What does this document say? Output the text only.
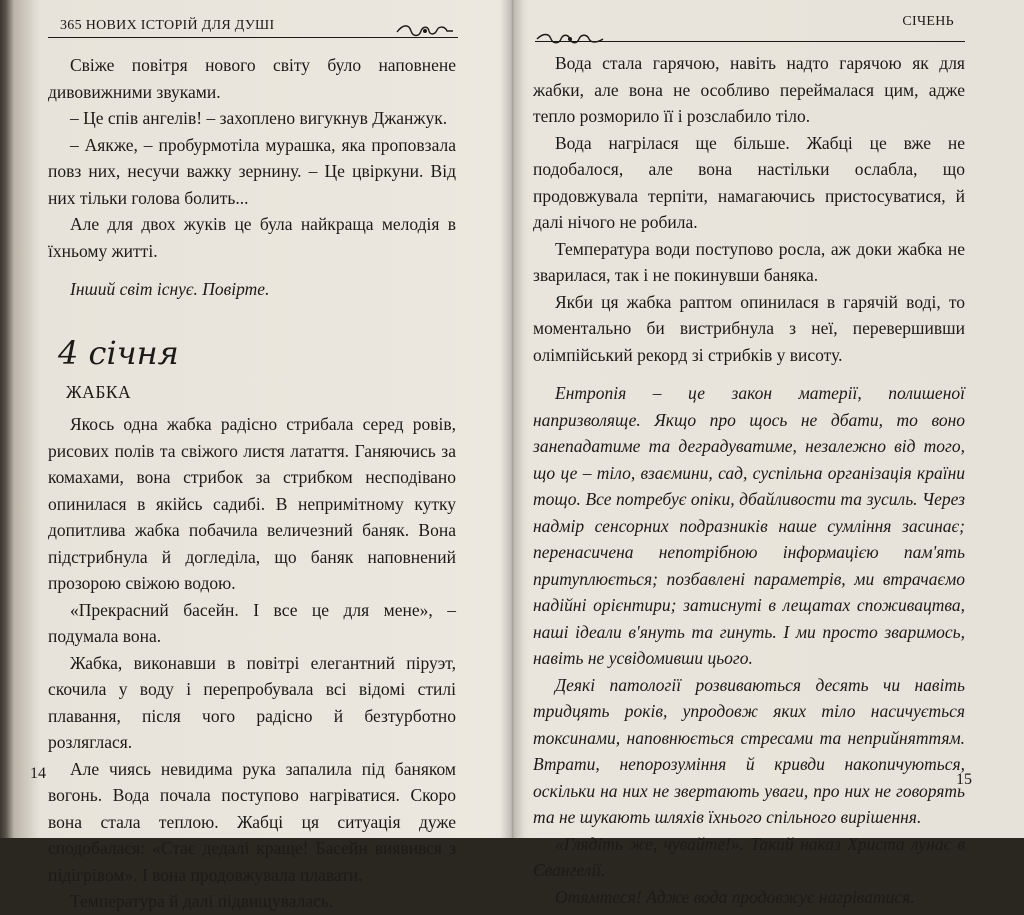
365 НОВИХ ІСТОРІЙ ДЛЯ ДУШІ

Свіже повітря нового світу було наповнене дивовижними звуками.

– Це спів ангелів! – захоплено вигукнув Джанжук.

– Аякже, – пробурмотіла мурашка, яка проповзала повз них, несучи важку зернину. – Це цвіркуни. Від них тільки голова болить...

Але для двох жуків це була найкраща мелодія в їхньому житті.

Інший світ існує. Повірте.

4 січня
ЖАБКА

Якось одна жабка радісно стрибала серед ровів, рисових полів та свіжого листя латаття. Ганяючись за комахами, вона стрибок за стрибком несподівано опинилася в якійсь садибі. В непримітному кутку допитлива жабка побачила величезний баняк. Вона підстрибнула й догледіла, що баняк наповнений прозорою свіжою водою.

«Прекрасний басейн. І все це для мене», – подумала вона.

Жабка, виконавши в повітрі елегантний піруэт, скочила у воду і перепробувала всі відомі стилі плавання, після чого радісно й безтурботно розляглася.

Але чиясь невидима рука запалила під баняком вогонь. Вода почала поступово нагріватися. Скоро вона стала теплою. Жабці ця ситуація дуже сподобалася: «Стає дедалі краще! Басейн виявився з підігрівом». І вона продовжувала плавати.

Температура й далі підвищувалась.

14
СІЧЕНЬ

Вода стала гарячою, навіть надто гарячою як для жабки, але вона не особливо переймалася цим, адже тепло розморило її і розслабило тіло.

Вода нагрілася ще більше. Жабці це вже не подобалося, але вона настільки ослабла, що продовжувала терпіти, намагаючись пристосуватися, й далі нічого не робила.

Температура води поступово росла, аж доки жабка не зварилася, так і не покинувши баняка.

Якби ця жабка раптом опинилася в гарячій воді, то моментально би вистрибнула з неї, перевершивши олімпійський рекорд зі стрибків у висоту.

Ентропія – це закон матерії, полишеної напризволяще. Якщо про щось не дбати, то воно занепадатиме та деградуватиме, незалежно від того, що це – тіло, взаємини, сад, суспільна організація країни тощо. Все потребує опіки, дбайливости та зусиль. Через надмір сенсорних подразників наше сумління засинає; перенасичена непотрібною інформацією пам'ять притуплюється; позбавлені параметрів, ми втрачаємо надійні орієнтири; затиснуті в лещатах споживацтва, наші ідеали в'януть та гинуть. І ми просто зваримось, навіть не усвідомивши цього.

Деякі патології розвиваються десять чи навіть тридцять років, упродовж яких тіло насичується токсинами, наповнюється стресами та неприйняттям. Втрати, непорозуміння й кривди накопичуються, оскільки на них не звертають уваги, про них не говорять та не шукають шляхів їхнього спільного вирішення.

«Глядіть же, чувайте!». Такий наказ Христа лунає в Євангелії.

Отямтеся! Адже вода продовжує нагріватися.

15
